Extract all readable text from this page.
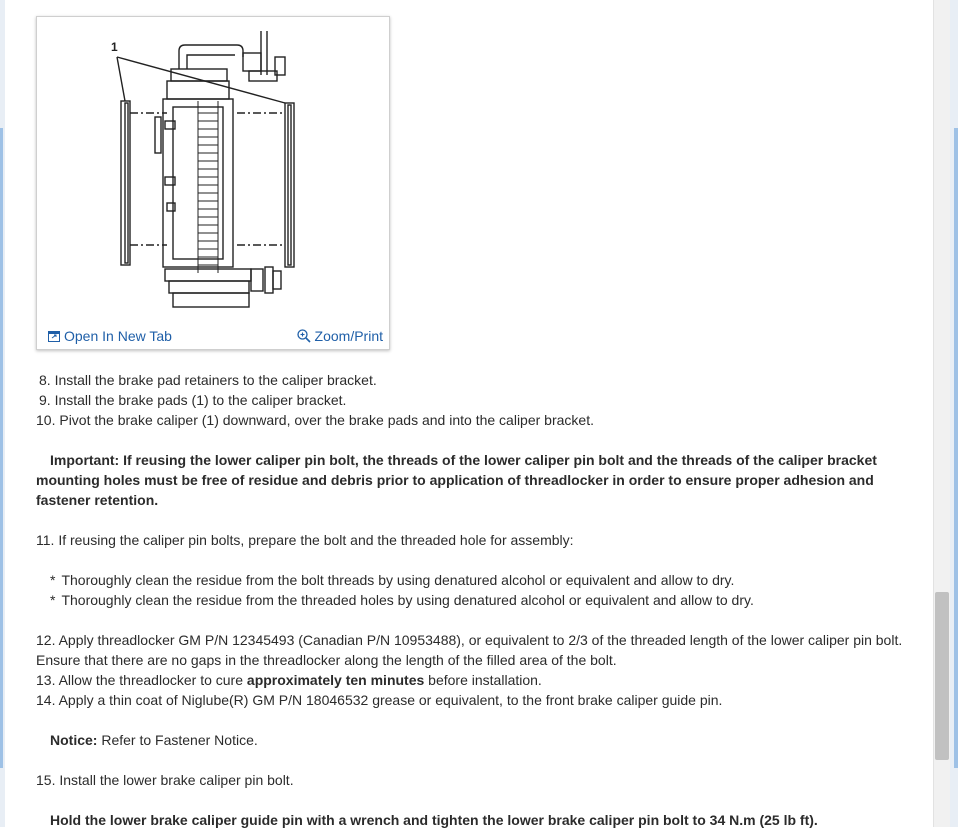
1
Open In New Tab	Zoom/Print

8. Install the brake pad retainers to the caliper bracket.

9. Install the brake pads (1) to the caliper bracket.

10. Pivot the brake caliper (1) downward, over the brake pads and into the caliper bracket.

Important: If reusing the lower caliper pin bolt, the threads of the lower caliper pin bolt and the threads of the caliper bracket mounting holes must be free of residue and debris prior to application of threadlocker in order to ensure proper adhesion and fastener retention.

11. If reusing the caliper pin bolts, prepare the bolt and the threaded hole for assembly:

* Thoroughly clean the residue from the bolt threads by using denatured alcohol or equivalent and allow to dry.
* Thoroughly clean the residue from the threaded holes by using denatured alcohol or equivalent and allow to dry.

12. Apply threadlocker GM P/N 12345493 (Canadian P/N 10953488), or equivalent to 2/3 of the threaded length of the lower caliper pin bolt. Ensure that there are no gaps in the threadlocker along the length of the filled area of the bolt.

13. Allow the threadlocker to cure approximately ten minutes before installation.

14. Apply a thin coat of Niglube(R) GM P/N 18046532 grease or equivalent, to the front brake caliper guide pin.

Notice: Refer to Fastener Notice.

15. Install the lower brake caliper pin bolt.

Hold the lower brake caliper guide pin with a wrench and tighten the lower brake caliper pin bolt to 34 N.m (25 lb ft).
